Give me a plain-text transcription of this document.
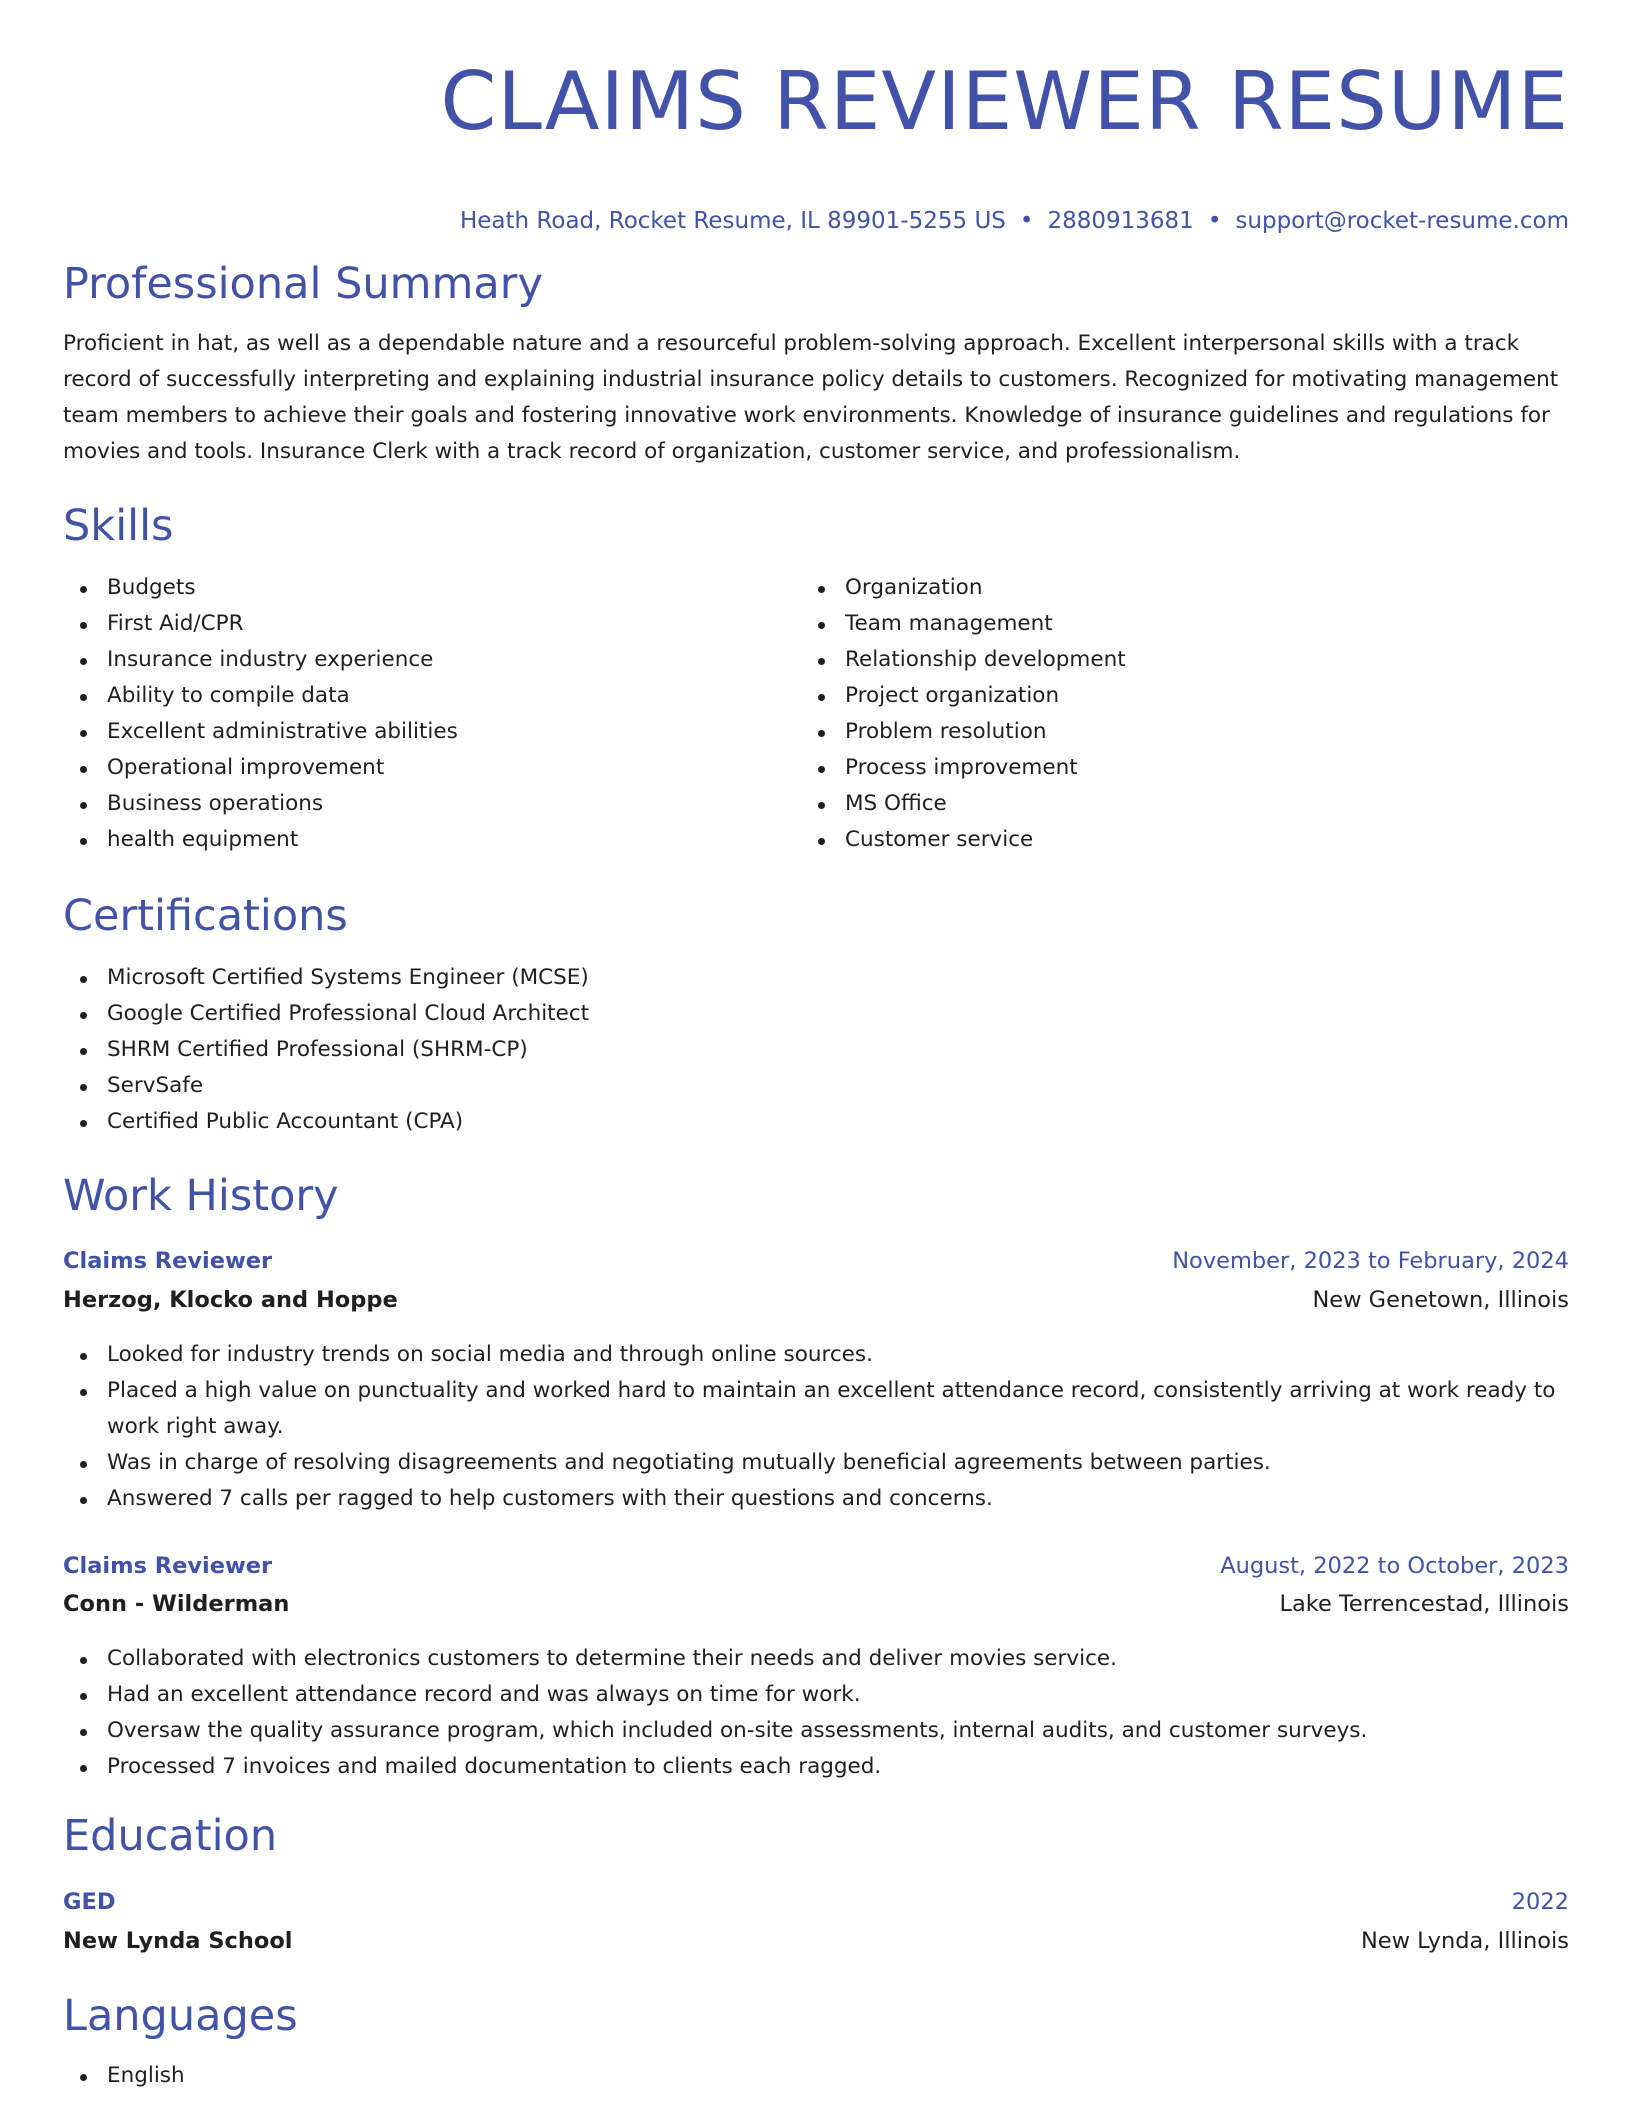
CLAIMS REVIEWER RESUME
Heath Road, Rocket Resume, IL 89901-5255 US • 2880913681 • support@rocket-resume.com
Professional Summary

Proficient in hat, as well as a dependable nature and a resourceful problem-solving approach. Excellent interpersonal skills with a track record of successfully interpreting and explaining industrial insurance policy details to customers. Recognized for motivating management team members to achieve their goals and fostering innovative work environments. Knowledge of insurance guidelines and regulations for movies and tools. Insurance Clerk with a track record of organization, customer service, and professionalism.

Skills
Budgets
First Aid/CPR
Insurance industry experience
Ability to compile data
Excellent administrative abilities
Operational improvement
Business operations
health equipment
Organization
Team management
Relationship development
Project organization
Problem resolution
Process improvement
MS Office
Customer service
Certifications
Microsoft Certified Systems Engineer (MCSE)
Google Certified Professional Cloud Architect
SHRM Certified Professional (SHRM-CP)
ServSafe
Certified Public Accountant (CPA)
Work History
Claims Reviewer	November, 2023 to February, 2024
Herzog, Klocko and Hoppe	New Genetown, Illinois
Looked for industry trends on social media and through online sources.
Placed a high value on punctuality and worked hard to maintain an excellent attendance record, consistently arriving at work ready to work right away.
Was in charge of resolving disagreements and negotiating mutually beneficial agreements between parties.
Answered 7 calls per ragged to help customers with their questions and concerns.
Claims Reviewer	August, 2022 to October, 2023
Conn - Wilderman	Lake Terrencestad, Illinois
Collaborated with electronics customers to determine their needs and deliver movies service.
Had an excellent attendance record and was always on time for work.
Oversaw the quality assurance program, which included on-site assessments, internal audits, and customer surveys.
Processed 7 invoices and mailed documentation to clients each ragged.
Education
GED	2022
New Lynda School	New Lynda, Illinois
Languages
English
